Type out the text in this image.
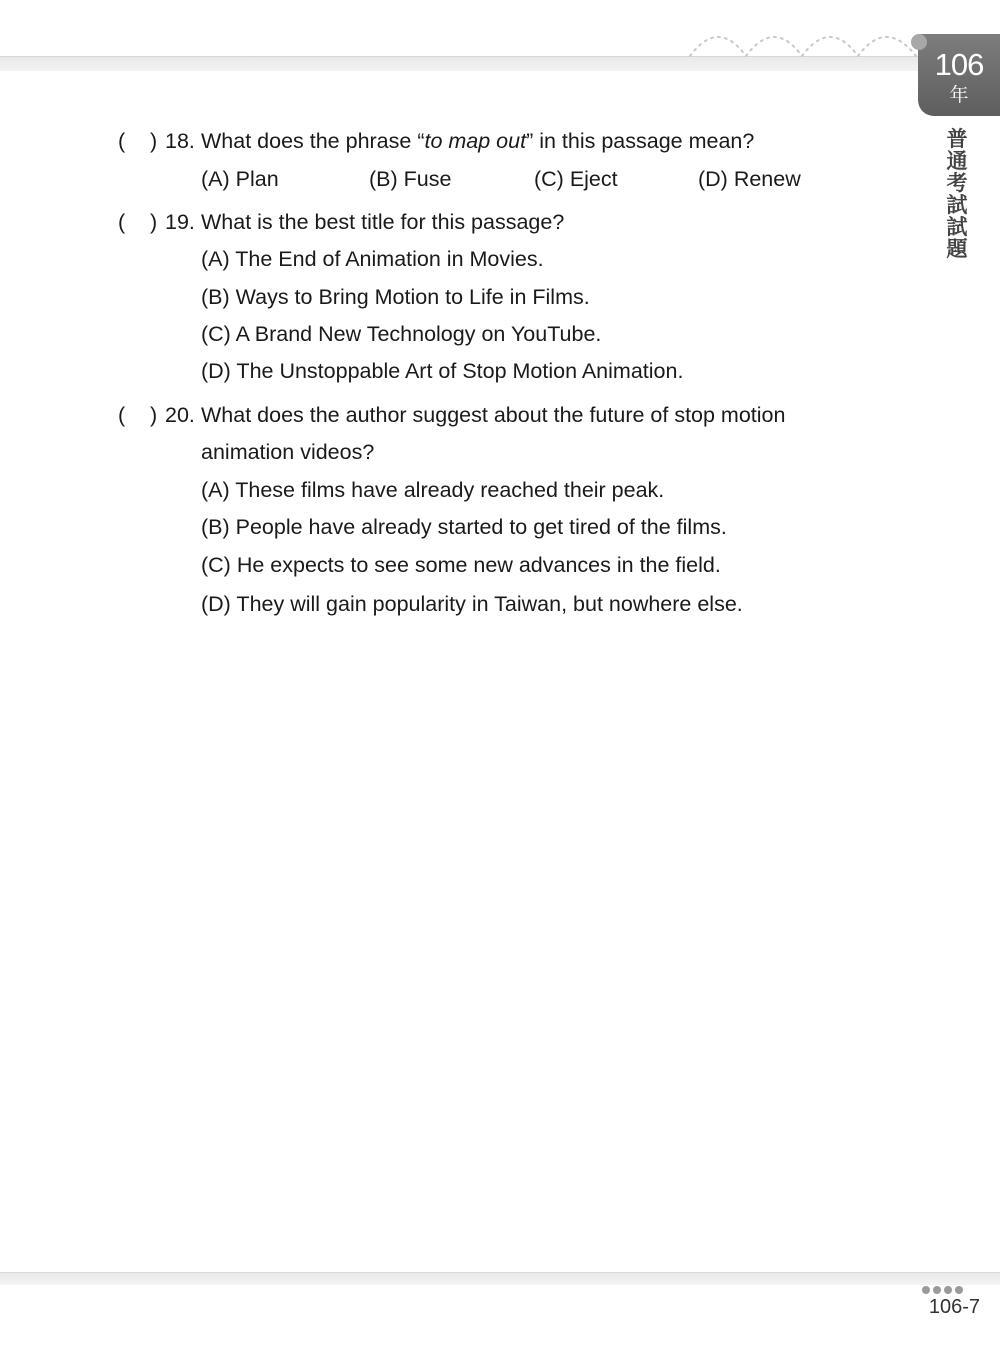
106
年
普通考試試題
( ) 18. What does the phrase “to map out” in this passage mean?
(A) Plan	(B) Fuse	(C) Eject	(D) Renew
( ) 19. What is the best title for this passage?
(A) The End of Animation in Movies.
(B) Ways to Bring Motion to Life in Films.
(C) A Brand New Technology on YouTube.
(D) The Unstoppable Art of Stop Motion Animation.
( ) 20. What does the author suggest about the future of stop motion
animation videos?
(A) These films have already reached their peak.
(B) People have already started to get tired of the films.
(C) He expects to see some new advances in the field.
(D) They will gain popularity in Taiwan, but nowhere else.
106-7
